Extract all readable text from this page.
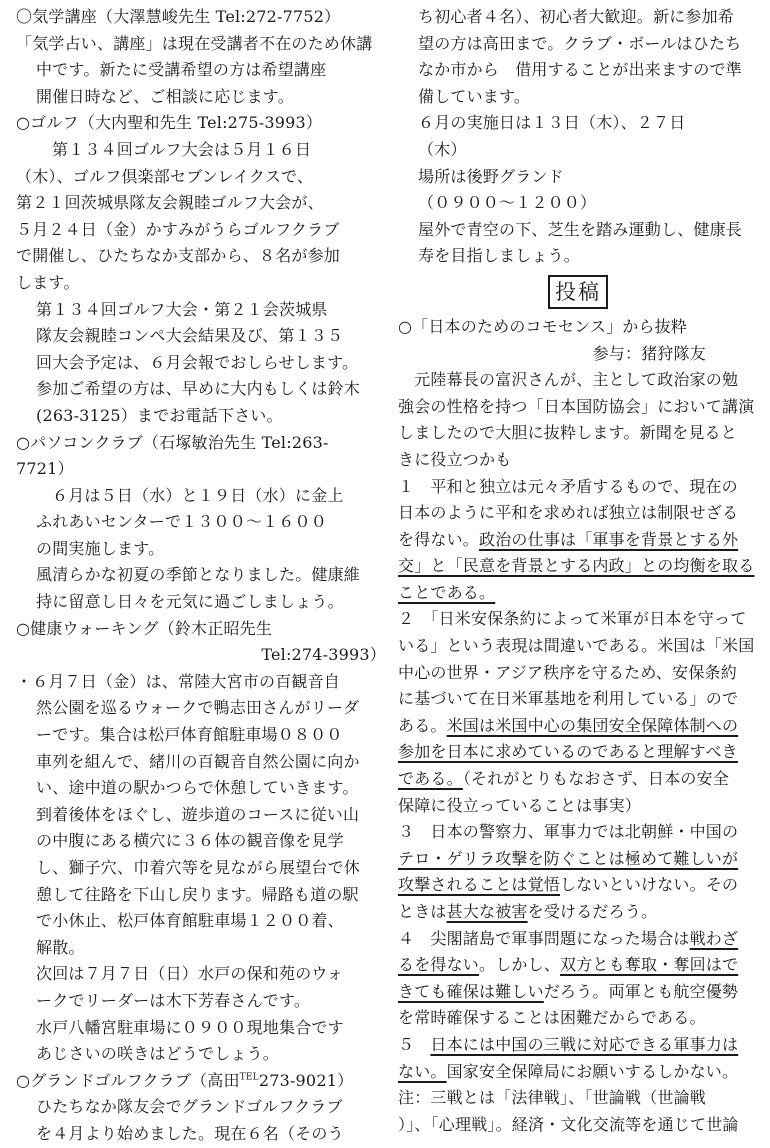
〇気学講座（大澤慧峻先生 Tel:272-7752）
「気学占い、講座」は現在受講者不在のため休講
中です。新たに受講希望の方は希望講座
開催日時など、ご相談に応じます。
○ゴルフ（大内聖和先生 Tel:275-3993）
第１３４回ゴルフ大会は５月１６日
（木）、ゴルフ倶楽部セブンレイクスで、
第２１回茨城県隊友会親睦ゴルフ大会が、
５月２４日（金）かすみがうらゴルフクラブ
で開催し、ひたちなか支部から、８名が参加
します。
第１３４回ゴルフ大会・第２１会茨城県
隊友会親睦コンペ大会結果及び、第１３５
回大会予定は、６月会報でおしらせします。
参加ご希望の方は、早めに大内もしくは鈴木
(263-3125）までお電話下さい。
○パソコンクラブ（石塚敏治先生 Tel:263-
7721）
６月は５日（水）と１９日（水）に金上
ふれあいセンターで１３００～１６００
の間実施します。
風清らかな初夏の季節となりました。健康維
持に留意し日々を元気に過ごしましょう。
○健康ウォーキング（鈴木正昭先生
Tel:274-3993）
・６月７日（金）は、常陸大宮市の百観音自
然公園を巡るウォークで鴨志田さんがリーダ
ーです。集合は松戸体育館駐車場０８００
車列を組んで、緒川の百観音自然公園に向か
い、途中道の駅かつらで休憩していきます。
到着後体をほぐし、遊歩道のコースに従い山
の中腹にある横穴に３６体の観音像を見学
し、獅子穴、巾着穴等を見ながら展望台で休
憩して往路を下山し戻ります。帰路も道の駅
で小休止、松戸体育館駐車場１２００着、
解散。
次回は７月７日（日）水戸の保和苑のウォ
ークでリーダーは木下芳春さんです。
水戸八幡宮駐車場に０９００現地集合です
あじさいの咲きはどうでしょう。
○グランドゴルフクラブ（高田$^{TEL}$273-9021）
ひたちなか隊友会でグランドゴルフクラブ
を４月より始めました。現在６名（そのう
ち初心者４名）、初心者大歓迎。新に参加希
望の方は高田まで。クラブ・ボールはひたち
なか市から　借用することが出来ますので準
備しています。
６月の実施日は１３日（木）、２７日
（木）
場所は後野グランド
（０９００～１２００）
屋外で青空の下、芝生を踏み運動し、健康長
寿を目指しましょう。
投稿
○「日本のためのコモセンス」から抜粋
参与：猪狩隊友
　元陸幕長の富沢さんが、主として政治家の勉
強会の性格を持つ「日本国防協会」において講演
しましたので大胆に抜粋します。新聞を見ると
きに役立つかも
１　平和と独立は元々矛盾するもので、現在の
日本のように平和を求めれば独立は制限せざる
を得ない。政治の仕事は「軍事を背景とする外
交」と「民意を背景とする内政」との均衡を取る
ことである。
２　「日米安保条約によって米軍が日本を守って
いる」という表現は間違いである。米国は「米国
中心の世界・アジア秩序を守るため、安保条約
に基づいて在日米軍基地を利用している」ので
ある。米国は米国中心の集団安全保障体制への
参加を日本に求めているのであると理解すべき
である。（それがとりもなおさず、日本の安全
保障に役立っていることは事実）
３　日本の警察力、軍事力では北朝鮮・中国の
テロ・ゲリラ攻撃を防ぐことは極めて難しいが
攻撃されることは覚悟しないといけない。その
ときは甚大な被害を受けるだろう。
４　尖閣諸島で軍事問題になった場合は戦わざ
るを得ない。しかし、双方とも奪取・奪回はで
きても確保は難しいだろう。両軍とも航空優勢
を常時確保することは困難だからである。
５　日本には中国の三戦に対応できる軍事力は
ない。国家安全保障局にお願いするしかない。
注：三戦とは「法律戦」、「世論戦（世論戦
）」、「心理戦」。経済・文化交流等を通じて世論
